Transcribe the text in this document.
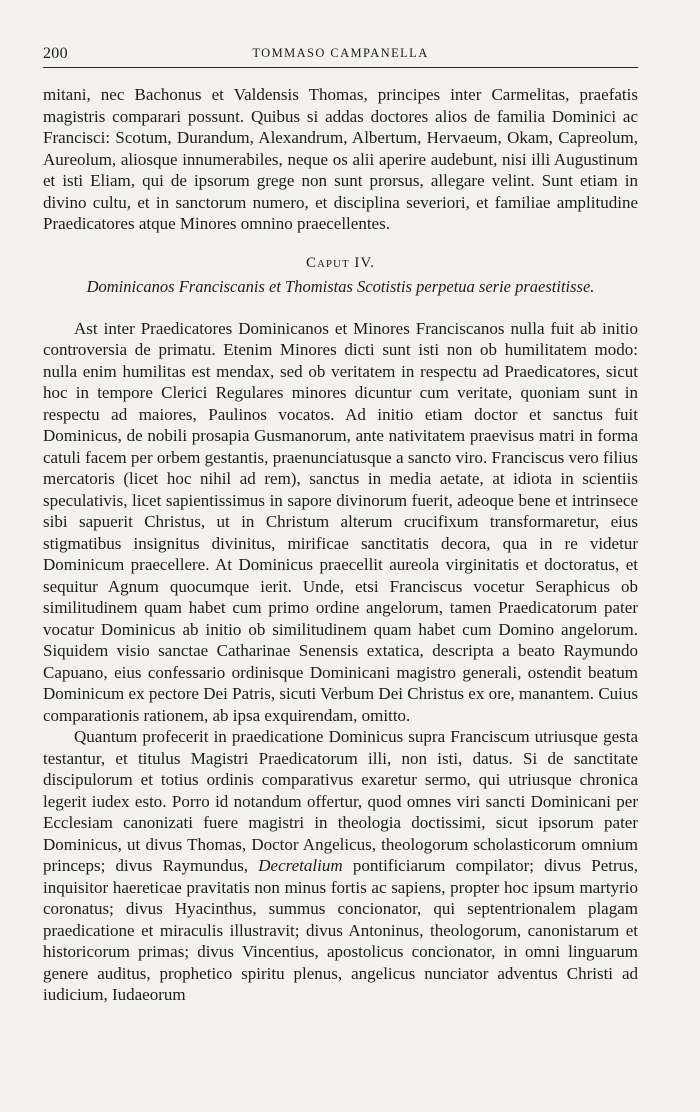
200	TOMMASO CAMPANELLA

mitani, nec Bachonus et Valdensis Thomas, principes inter Carmelitas, praefatis magistris comparari possunt. Quibus si addas doctores alios de familia Dominici ac Francisci: Scotum, Durandum, Alexandrum, Albertum, Hervaeum, Okam, Capreolum, Aureolum, aliosque innumerabiles, neque os alii aperire audebunt, nisi illi Augustinum et isti Eliam, qui de ipsorum grege non sunt prorsus, allegare velint. Sunt etiam in divino cultu, et in sanctorum numero, et disciplina severiori, et familiae amplitudine Praedicatores atque Minores omnino praecellentes.

Caput IV.
Dominicanos Franciscanis et Thomistas Scotistis perpetua serie praestitisse.

Ast inter Praedicatores Dominicanos et Minores Franciscanos nulla fuit ab initio controversia de primatu. Etenim Minores dicti sunt isti non ob humilitatem modo: nulla enim humilitas est mendax, sed ob veritatem in respectu ad Praedicatores, sicut hoc in tempore Clerici Regulares minores dicuntur cum veritate, quoniam sunt in respectu ad maiores, Paulinos vocatos. Ad initio etiam doctor et sanctus fuit Dominicus, de nobili prosapia Gusmanorum, ante nativitatem praevisus matri in forma catuli facem per orbem gestantis, praenunciatusque a sancto viro. Franciscus vero filius mercatoris (licet hoc nihil ad rem), sanctus in media aetate, at idiota in scientiis speculativis, licet sapientissimus in sapore divinorum fuerit, adeoque bene et intrinsece sibi sapuerit Christus, ut in Christum alterum crucifixum transformaretur, eius stigmatibus insignitus divinitus, mirificae sanctitatis decora, qua in re videtur Dominicum praecellere. At Dominicus praecellit aureola virginitatis et doctoratus, et sequitur Agnum quocumque ierit. Unde, etsi Franciscus vocetur Seraphicus ob similitudinem quam habet cum primo ordine angelorum, tamen Praedicatorum pater vocatur Dominicus ab initio ob similitudinem quam habet cum Domino angelorum. Siquidem visio sanctae Catharinae Senensis extatica, descripta a beato Raymundo Capuano, eius confessario ordinisque Dominicani magistro generali, ostendit beatum Dominicum ex pectore Dei Patris, sicuti Verbum Dei Christus ex ore, manantem. Cuius comparationis rationem, ab ipsa exquirendam, omitto.

Quantum profecerit in praedicatione Dominicus supra Franciscum utriusque gesta testantur, et titulus Magistri Praedicatorum illi, non isti, datus. Si de sanctitate discipulorum et totius ordinis comparativus exaretur sermo, qui utriusque chronica legerit iudex esto. Porro id notandum offertur, quod omnes viri sancti Dominicani per Ecclesiam canonizati fuere magistri in theologia doctissimi, sicut ipsorum pater Dominicus, ut divus Thomas, Doctor Angelicus, theologorum scholasticorum omnium princeps; divus Raymundus, Decretalium pontificiarum compilator; divus Petrus, inquisitor haereticae pravitatis non minus fortis ac sapiens, propter hoc ipsum martyrio coronatus; divus Hyacinthus, summus concionator, qui septentrionalem plagam praedicatione et miraculis illustravit; divus Antoninus, theologorum, canonistarum et historicorum primas; divus Vincentius, apostolicus concionator, in omni linguarum genere auditus, prophetico spiritu plenus, angelicus nunciator adventus Christi ad iudicium, Iudaeorum
